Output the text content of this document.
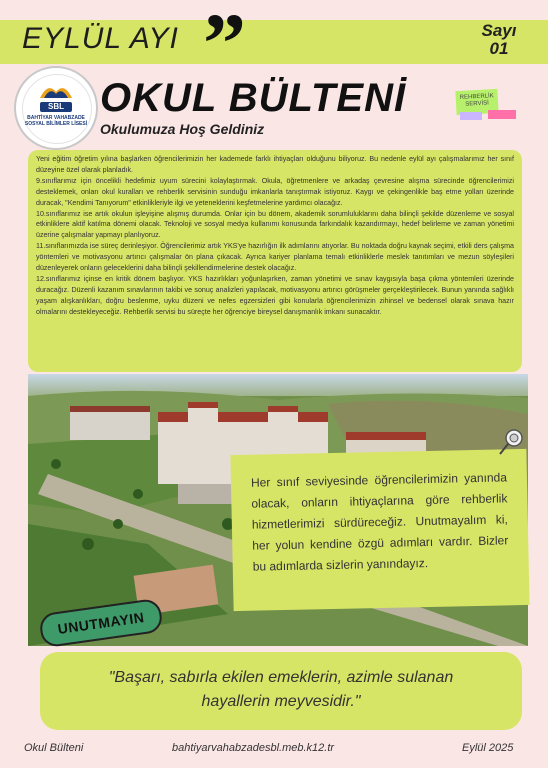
EYLÜL AYI ”	Sayı
01
SBL
BAHTİYAR VAHABZADE SOSYAL BİLİMLER LİSESİ
OKUL BÜLTENİ
Okulumuza Hoş Geldiniz
REHBERLİK SERVİSİ

Yeni eğitim öğretim yılına başlarken öğrencilerimizin her kademede farklı ihtiyaçları olduğunu biliyoruz. Bu nedenle eylül ayı çalışmalarımız her sınıf düzeyine özel olarak planladık.

9.sınıflarımız için öncelikli hedefimiz uyum sürecini kolaylaştırmak. Okula, öğretmenlere ve arkadaş çevresine alışma sürecinde öğrencilerimizi desteklemek, onları okul kuralları ve rehberlik servisinin sunduğu imkanlarla tanıştırmak istiyoruz. Kaygı ve çekingenlikle baş etme yolları üzerinde duracak, "Kendimi Tanıyorum" etkinlikleriyle ilgi ve yeteneklerini keşfetmelerine yardımcı olacağız.

10.sınıflarımız ise artık okulun işleyişine alışmış durumda. Onlar için bu dönem, akademik sorumluluklarını daha bilinçli şekilde düzenleme ve sosyal etkinliklere aktif katılma dönemi olacak. Teknoloji ve sosyal medya kullanımı konusunda farkındalık kazandırmayı, hedef belirleme ve zaman yönetimi üzerine çalışmalar yapmayı planlıyoruz.

11.sınıflarımızda ise süreç derinleşiyor. Öğrencilerimiz artık YKS'ye hazırlığın ilk adımlarını atıyorlar. Bu noktada doğru kaynak seçimi, etkili ders çalışma yöntemleri ve motivasyonu artırıcı çalışmalar ön plana çıkacak. Ayrıca kariyer planlama temalı etkinliklerle meslek tanıtımları ve mezun söyleşileri düzenleyerek onların geleceklerini daha bilinçli şekillendirmelerine destek olacağız.

12.sınıflarımız içinse en kritik dönem başlıyor. YKS hazırlıkları yoğunlaşırken, zaman yönetimi ve sınav kaygısıyla başa çıkma yöntemleri üzerinde duracağız. Düzenli kazanım sınavlarının takibi ve sonuç analizleri yapılacak, motivasyonu artırıcı görüşmeler gerçekleştirilecek. Bunun yanında sağlıklı yaşam alışkanlıkları, doğru beslenme, uyku düzeni ve nefes egzersizleri gibi konularla öğrencilerimizin zihinsel ve bedensel olarak sınava hazır olmalarını destekleyeceğiz. Rehberlik servisi bu süreçte her öğrenciye bireysel danışmanlık imkanı sunacaktır.

Her sınıf seviyesinde öğrencilerimizin yanında olacak, onların ihtiyaçlarına göre rehberlik hizmetlerimizi sürdüreceğiz. Unutmayalım ki, her yolun kendine özgü adımları vardır. Bizler bu adımlarda sizlerin yanındayız.
UNUTMAYIN
"Başarı, sabırla ekilen emeklerin, azimle sulanan
hayallerin meyvesidir."
Okul Bülteni	bahtiyarvahabzadesbl.meb.k12.tr	Eylül 2025
